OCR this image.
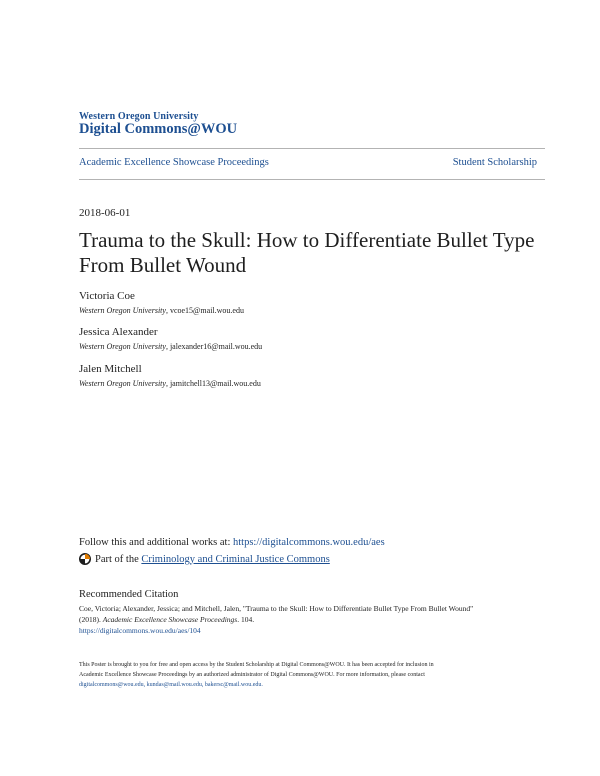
Western Oregon University
Digital Commons@WOU
Academic Excellence Showcase Proceedings	Student Scholarship
2018-06-01
Trauma to the Skull: How to Differentiate Bullet Type From Bullet Wound
Victoria Coe
Western Oregon University, vcoe15@mail.wou.edu
Jessica Alexander
Western Oregon University, jalexander16@mail.wou.edu
Jalen Mitchell
Western Oregon University, jamitchell13@mail.wou.edu
Follow this and additional works at: https://digitalcommons.wou.edu/aes
Part of the
Criminology and Criminal Justice Commons
Recommended Citation
Coe, Victoria; Alexander, Jessica; and Mitchell, Jalen, "Trauma to the Skull: How to Differentiate Bullet Type From Bullet Wound"
(2018). Academic Excellence Showcase Proceedings. 104.
https://digitalcommons.wou.edu/aes/104
This Poster is brought to you for free and open access by the Student Scholarship at Digital Commons@WOU. It has been accepted for inclusion in
Academic Excellence Showcase Proceedings by an authorized administrator of Digital Commons@WOU. For more information, please contact
digitalcommons@wou.edu, kundas@mail.wou.edu, bakersc@mail.wou.edu.
